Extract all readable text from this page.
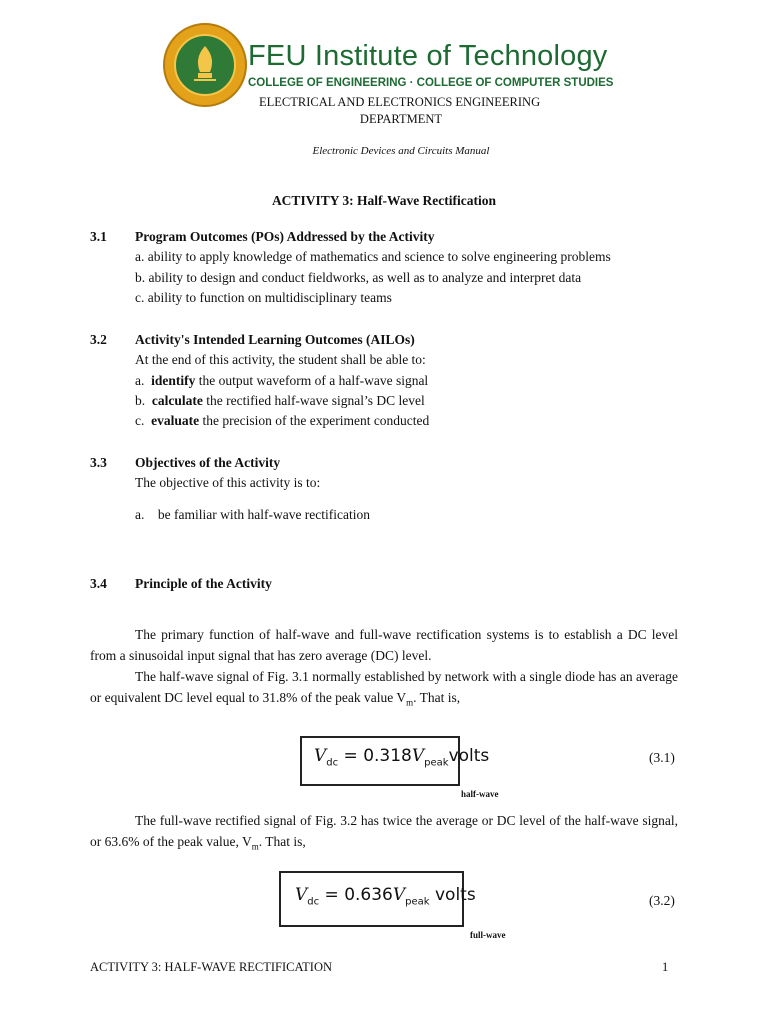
FEU Institute of Technology
COLLEGE OF ENGINEERING · COLLEGE OF COMPUTER STUDIES
ELECTRICAL AND ELECTRONICS ENGINEERING
DEPARTMENT
Electronic Devices and Circuits Manual
ACTIVITY 3: Half-Wave Rectification
3.1 Program Outcomes (POs) Addressed by the Activity
a. ability to apply knowledge of mathematics and science to solve engineering problems
b. ability to design and conduct fieldworks, as well as to analyze and interpret data
c. ability to function on multidisciplinary teams
3.2 Activity's Intended Learning Outcomes (AILOs)
At the end of this activity, the student shall be able to:
a. identify the output waveform of a half-wave signal
b. calculate the rectified half-wave signal’s DC level
c. evaluate the precision of the experiment conducted
3.3 Objectives of the Activity
The objective of this activity is to:
a.    be familiar with half-wave rectification
3.4 Principle of the Activity
The primary function of half-wave and full-wave rectification systems is to establish a DC level from a sinusoidal input signal that has zero average (DC) level.
The half-wave signal of Fig. 3.1 normally established by network with a single diode has an average or equivalent DC level equal to 31.8% of the peak value $V_m$. That is,
$V_{dc}$ = $0.318V_{peak}volts$	(3.1)
half-wave
The full-wave rectified signal of Fig. 3.2 has twice the average or DC level of the half-wave signal, or 63.6% of the peak value, $V_m$. That is,
$V_{dc} = 0.636V_{peak}$ volts	(3.2)
full-wave
ACTIVITY 3: HALF-WAVE RECTIFICATION	1
